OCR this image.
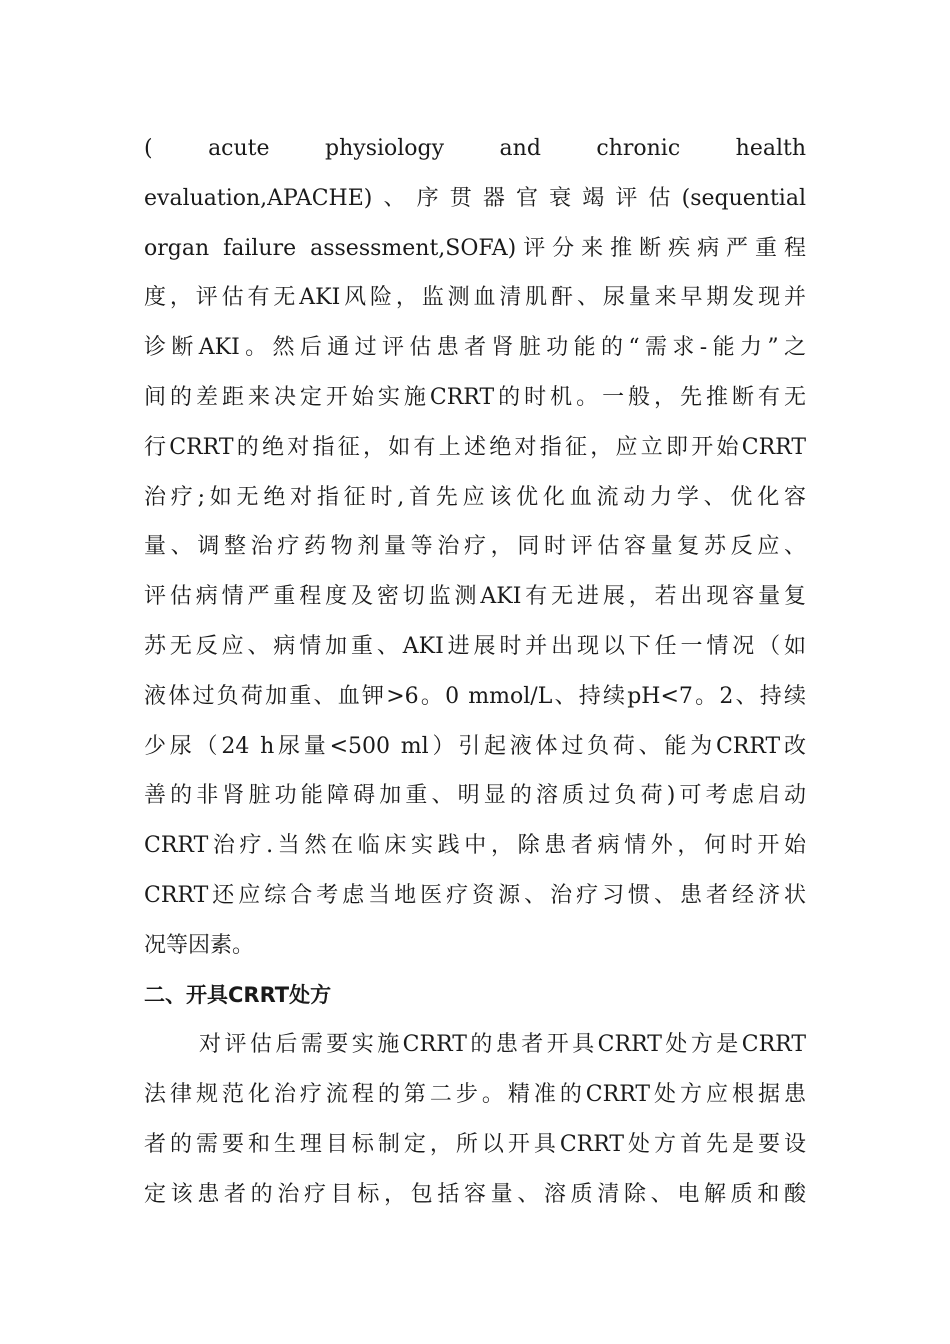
( acute physiology and chronic health
evaluation,APACHE)、序贯器官衰竭评估(sequential
organ failure assessment,SOFA)评分来推断疾病严重程
度，评估有无AKI风险，监测血清肌酐、尿量来早期发现并
诊断AKI。然后通过评估患者肾脏功能的“需求-能力”之
间的差距来决定开始实施CRRT的时机。一般，先推断有无
行CRRT的绝对指征，如有上述绝对指征，应立即开始CRRT
治疗;如无绝对指征时,首先应该优化血流动力学、优化容
量、调整治疗药物剂量等治疗，同时评估容量复苏反应、
评估病情严重程度及密切监测AKI有无进展，若出现容量复
苏无反应、病情加重、AKI进展时并出现以下任一情况（如
液体过负荷加重、血钾>6。0 mmol/L、持续pH<7。2、持续
少尿（24 h尿量<500 ml）引起液体过负荷、能为CRRT改
善的非肾脏功能障碍加重、明显的溶质过负荷)可考虑启动
CRRT治疗.当然在临床实践中，除患者病情外，何时开始
CRRT还应综合考虑当地医疗资源、治疗习惯、患者经济状
况等因素。
二、开具CRRT处方
对评估后需要实施CRRT的患者开具CRRT处方是CRRT
法律规范化治疗流程的第二步。精准的CRRT处方应根据患
者的需要和生理目标制定，所以开具CRRT处方首先是要设
定该患者的治疗目标，包括容量、溶质清除、电解质和酸
